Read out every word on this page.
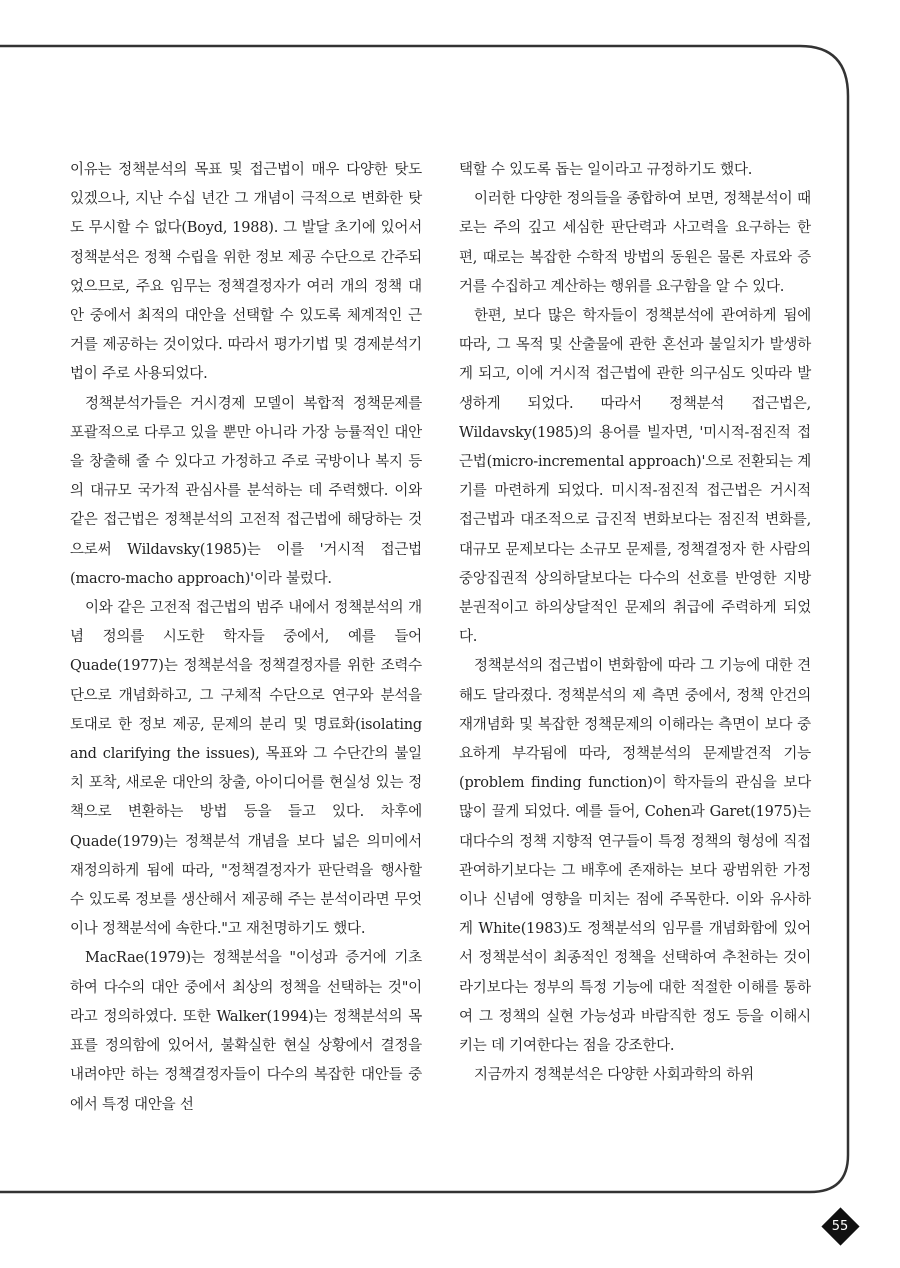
이유는 정책분석의 목표 및 접근법이 매우 다양한 탓도 있겠으나, 지난 수십 년간 그 개념이 극적으로 변화한 탓도 무시할 수 없다(Boyd, 1988). 그 발달 초기에 있어서 정책분석은 정책 수립을 위한 정보 제공 수단으로 간주되었으므로, 주요 임무는 정책결정자가 여러 개의 정책 대안 중에서 최적의 대안을 선택할 수 있도록 체계적인 근거를 제공하는 것이었다. 따라서 평가기법 및 경제분석기법이 주로 사용되었다.

정책분석가들은 거시경제 모델이 복합적 정책문제를 포괄적으로 다루고 있을 뿐만 아니라 가장 능률적인 대안을 창출해 줄 수 있다고 가정하고 주로 국방이나 복지 등의 대규모 국가적 관심사를 분석하는 데 주력했다. 이와 같은 접근법은 정책분석의 고전적 접근법에 해당하는 것으로써 Wildavsky(1985)는 이를 '거시적 접근법(macro-macho approach)'이라 불렀다.

이와 같은 고전적 접근법의 범주 내에서 정책분석의 개념 정의를 시도한 학자들 중에서, 예를 들어 Quade(1977)는 정책분석을 정책결정자를 위한 조력수단으로 개념화하고, 그 구체적 수단으로 연구와 분석을 토대로 한 정보 제공, 문제의 분리 및 명료화(isolating and clarifying the issues), 목표와 그 수단간의 불일치 포착, 새로운 대안의 창출, 아이디어를 현실성 있는 정책으로 변환하는 방법 등을 들고 있다. 차후에 Quade(1979)는 정책분석 개념을 보다 넓은 의미에서 재정의하게 됨에 따라, "정책결정자가 판단력을 행사할 수 있도록 정보를 생산해서 제공해 주는 분석이라면 무엇이나 정책분석에 속한다."고 재천명하기도 했다.

MacRae(1979)는 정책분석을 "이성과 증거에 기초하여 다수의 대안 중에서 최상의 정책을 선택하는 것"이라고 정의하였다. 또한 Walker(1994)는 정책분석의 목표를 정의함에 있어서, 불확실한 현실 상황에서 결정을 내려야만 하는 정책결정자들이 다수의 복잡한 대안들 중에서 특정 대안을 선

택할 수 있도록 돕는 일이라고 규정하기도 했다.

이러한 다양한 정의들을 종합하여 보면, 정책분석이 때로는 주의 깊고 세심한 판단력과 사고력을 요구하는 한편, 때로는 복잡한 수학적 방법의 동원은 물론 자료와 증거를 수집하고 계산하는 행위를 요구함을 알 수 있다.

한편, 보다 많은 학자들이 정책분석에 관여하게 됨에 따라, 그 목적 및 산출물에 관한 혼선과 불일치가 발생하게 되고, 이에 거시적 접근법에 관한 의구심도 잇따라 발생하게 되었다. 따라서 정책분석 접근법은, Wildavsky(1985)의 용어를 빌자면, '미시적-점진적 접근법(micro-incremental approach)'으로 전환되는 계기를 마련하게 되었다. 미시적-점진적 접근법은 거시적 접근법과 대조적으로 급진적 변화보다는 점진적 변화를, 대규모 문제보다는 소규모 문제를, 정책결정자 한 사람의 중앙집권적 상의하달보다는 다수의 선호를 반영한 지방분권적이고 하의상달적인 문제의 취급에 주력하게 되었다.

정책분석의 접근법이 변화함에 따라 그 기능에 대한 견해도 달라졌다. 정책분석의 제 측면 중에서, 정책 안건의 재개념화 및 복잡한 정책문제의 이해라는 측면이 보다 중요하게 부각됨에 따라, 정책분석의 문제발견적 기능(problem finding function)이 학자들의 관심을 보다 많이 끌게 되었다. 예를 들어, Cohen과 Garet(1975)는 대다수의 정책 지향적 연구들이 특정 정책의 형성에 직접 관여하기보다는 그 배후에 존재하는 보다 광범위한 가정이나 신념에 영향을 미치는 점에 주목한다. 이와 유사하게 White(1983)도 정책분석의 임무를 개념화함에 있어서 정책분석이 최종적인 정책을 선택하여 추천하는 것이라기보다는 정부의 특정 기능에 대한 적절한 이해를 통하여 그 정책의 실현 가능성과 바람직한 정도 등을 이해시키는 데 기여한다는 점을 강조한다.

지금까지 정책분석은 다양한 사회과학의 하위

55
